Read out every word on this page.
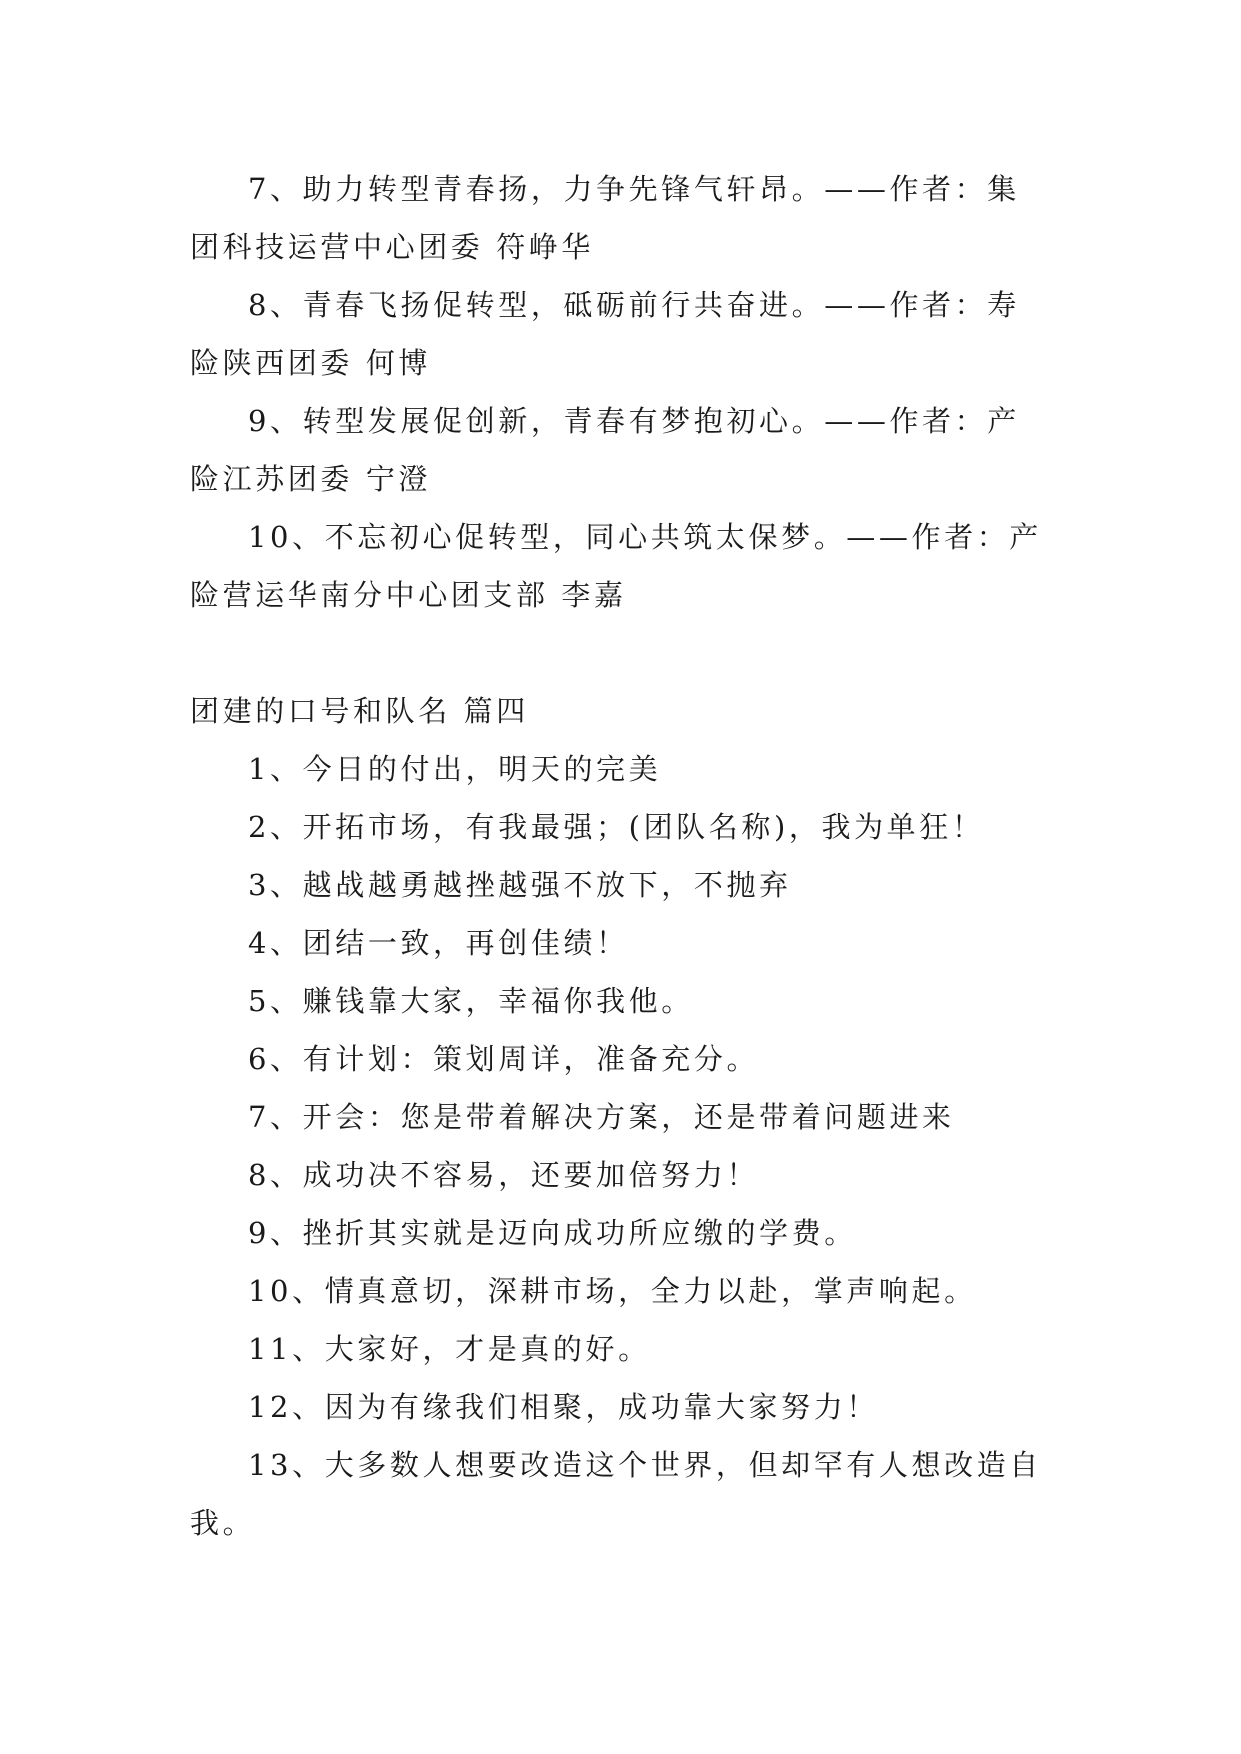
7、助力转型青春扬，力争先锋气轩昂。——作者：集团科技运营中心团委 符峥华

8、青春飞扬促转型，砥砺前行共奋进。——作者：寿险陕西团委 何博

9、转型发展促创新，青春有梦抱初心。——作者：产险江苏团委 宁澄

10、不忘初心促转型，同心共筑太保梦。——作者：产险营运华南分中心团支部 李嘉

团建的口号和队名 篇四

1、今日的付出，明天的完美

2、开拓市场，有我最强；(团队名称)，我为单狂！

3、越战越勇越挫越强不放下，不抛弃

4、团结一致，再创佳绩！

5、赚钱靠大家，幸福你我他。

6、有计划：策划周详，准备充分。

7、开会：您是带着解决方案，还是带着问题进来

8、成功决不容易，还要加倍努力！

9、挫折其实就是迈向成功所应缴的学费。

10、情真意切，深耕市场，全力以赴，掌声响起。

11、大家好，才是真的好。

12、因为有缘我们相聚，成功靠大家努力！

13、大多数人想要改造这个世界，但却罕有人想改造自我。
